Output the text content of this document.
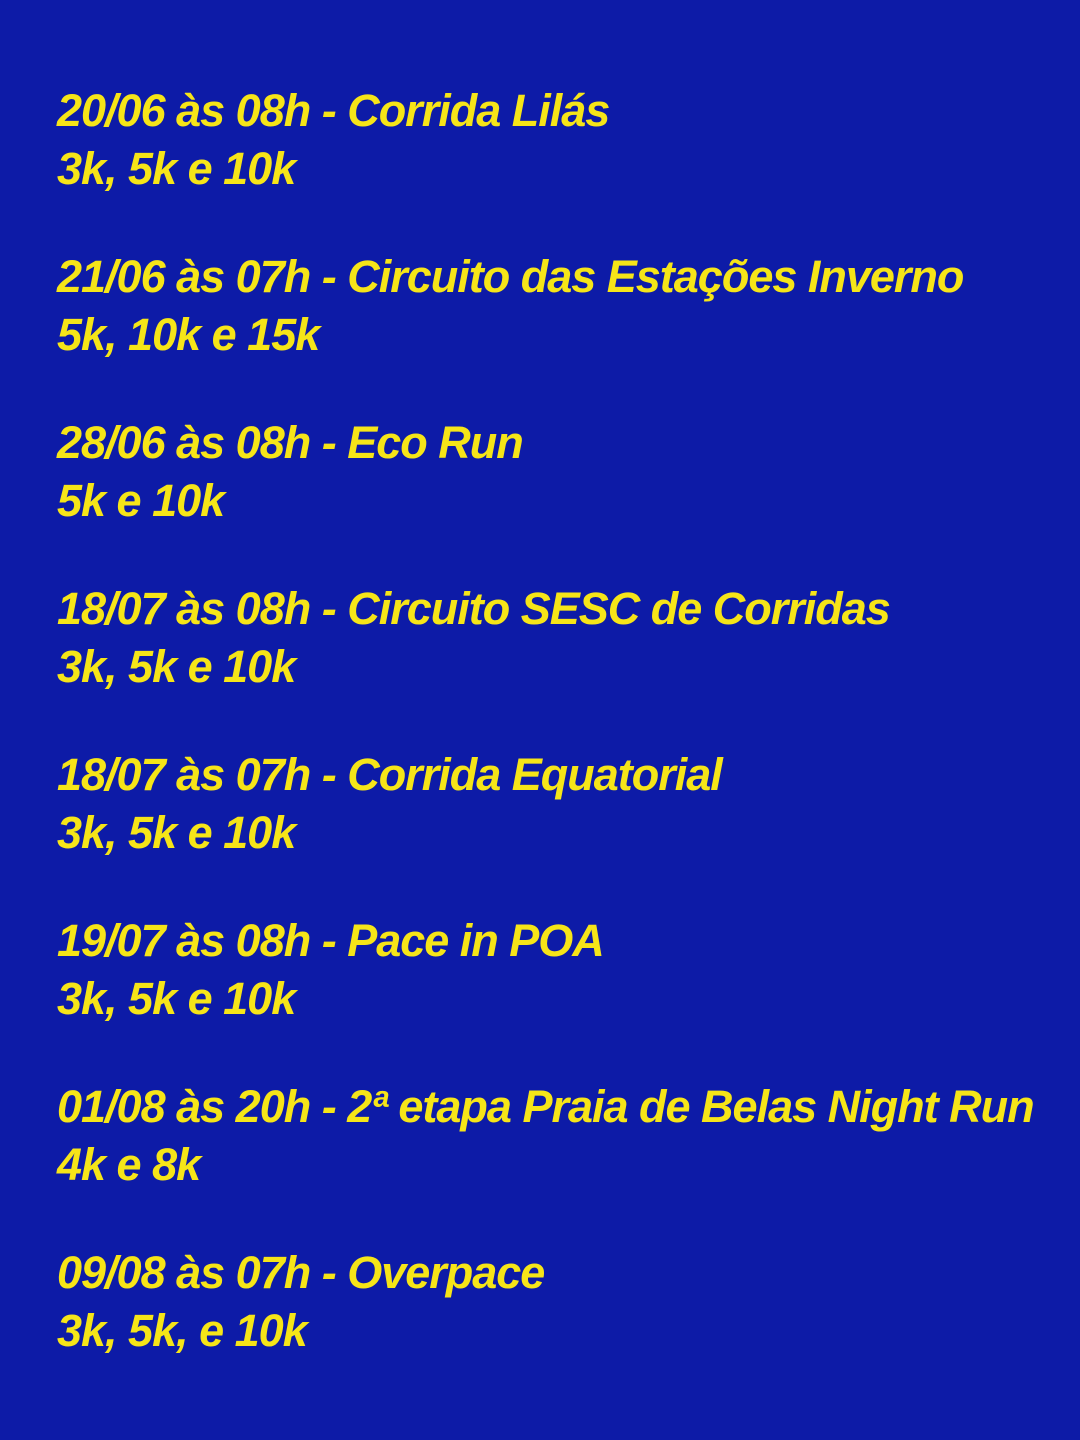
20/06 às 08h - Corrida Lilás
3k, 5k e 10k
21/06 às 07h - Circuito das Estações Inverno
5k, 10k e 15k
28/06 às 08h - Eco Run
5k e 10k
18/07 às 08h - Circuito SESC de Corridas
3k, 5k e 10k
18/07 às 07h - Corrida Equatorial
3k, 5k e 10k
19/07 às 08h - Pace in POA
3k, 5k e 10k
01/08 às 20h - 2ª etapa Praia de Belas Night Run
4k e 8k
09/08 às 07h - Overpace
3k, 5k, e 10k
